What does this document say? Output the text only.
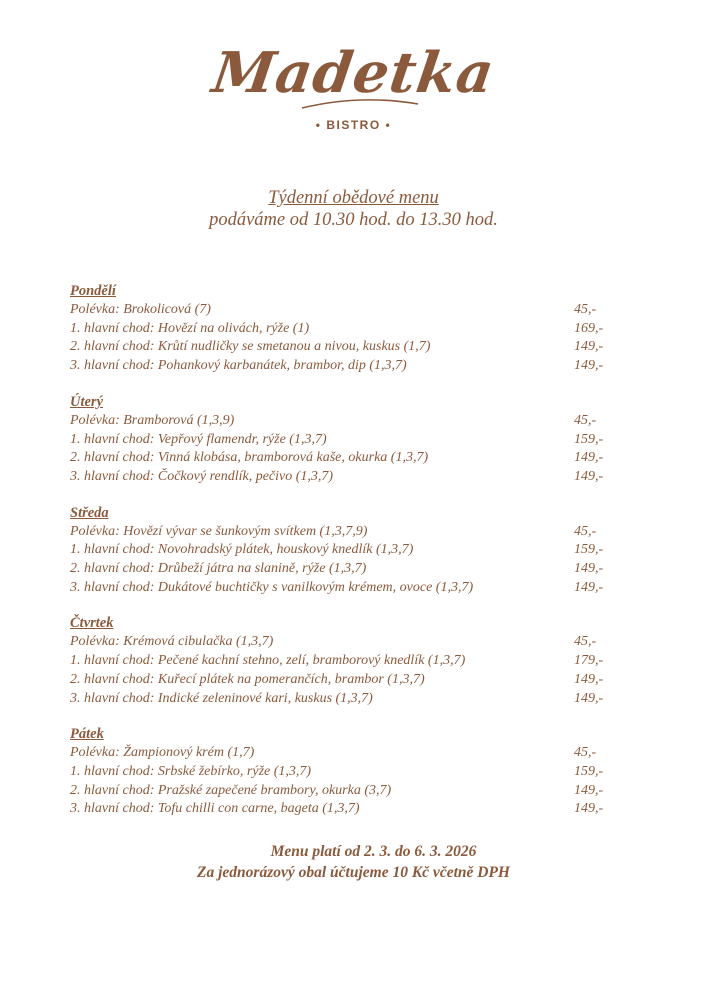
Madetka
• BISTRO •
Týdenní obědové menu
podáváme od 10.30 hod. do 13.30 hod.
Pondělí
Polévka: Brokolicová (7)	45,-
1. hlavní chod: Hovězí na olivách, rýže (1)	169,-
2. hlavní chod: Krůtí nudličky se smetanou a nivou, kuskus (1,7)	149,-
3. hlavní chod: Pohankový karbanátek, brambor, dip (1,3,7)	149,-
Úterý
Polévka: Bramborová (1,3,9)	45,-
1. hlavní chod: Vepřový flamendr, rýže (1,3,7)	159,-
2. hlavní chod: Vinná klobása, bramborová kaše, okurka (1,3,7)	149,-
3. hlavní chod: Čočkový rendlík, pečivo (1,3,7)	149,-
Středa
Polévka: Hovězí vývar se šunkovým svítkem (1,3,7,9)	45,-
1. hlavní chod: Novohradský plátek, houskový knedlík (1,3,7)	159,-
2. hlavní chod: Drůbeží játra na slanině, rýže (1,3,7)	149,-
3. hlavní chod: Dukátové buchtičky s vanilkovým krémem, ovoce (1,3,7)	149,-
Čtvrtek
Polévka: Krémová cibulačka (1,3,7)	45,-
1. hlavní chod: Pečené kachní stehno, zelí, bramborový knedlík (1,3,7)	179,-
2. hlavní chod: Kuřecí plátek na pomerančích, brambor (1,3,7)	149,-
3. hlavní chod: Indické zeleninové kari, kuskus (1,3,7)	149,-
Pátek
Polévka: Žampionový krém (1,7)	45,-
1. hlavní chod: Srbské žebírko, rýže (1,3,7)	159,-
2. hlavní chod: Pražské zapečené brambory, okurka (3,7)	149,-
3. hlavní chod: Tofu chilli con carne, bageta (1,3,7)	149,-
Menu platí od 2. 3. do 6. 3. 2026
Za jednorázový obal účtujeme 10 Kč včetně DPH
